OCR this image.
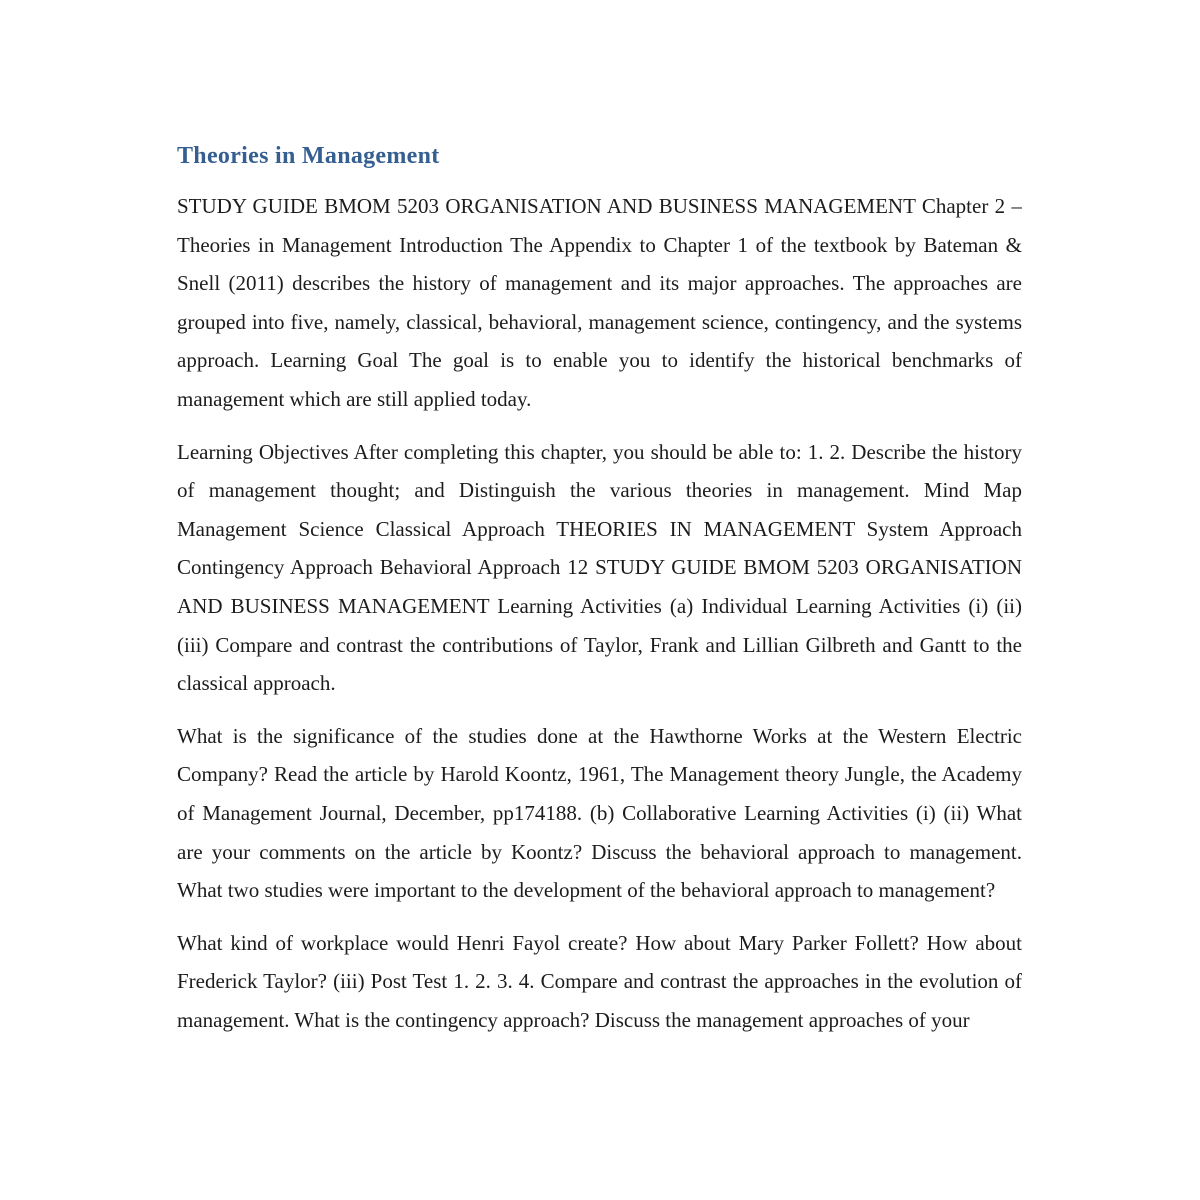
Theories in Management

STUDY GUIDE BMOM 5203 ORGANISATION AND BUSINESS MANAGEMENT Chapter 2 – Theories in Management Introduction The Appendix to Chapter 1 of the textbook by Bateman & Snell (2011) describes the history of management and its major approaches. The approaches are grouped into five, namely, classical, behavioral, management science, contingency, and the systems approach. Learning Goal The goal is to enable you to identify the historical benchmarks of management which are still applied today.

Learning Objectives After completing this chapter, you should be able to: 1. 2. Describe the history of management thought; and Distinguish the various theories in management. Mind Map Management Science Classical Approach THEORIES IN MANAGEMENT System Approach Contingency Approach Behavioral Approach 12 STUDY GUIDE BMOM 5203 ORGANISATION AND BUSINESS MANAGEMENT Learning Activities (a) Individual Learning Activities (i) (ii) (iii) Compare and contrast the contributions of Taylor, Frank and Lillian Gilbreth and Gantt to the classical approach.

What is the significance of the studies done at the Hawthorne Works at the Western Electric Company? Read the article by Harold Koontz, 1961, The Management theory Jungle, the Academy of Management Journal, December, pp174188. (b) Collaborative Learning Activities (i) (ii) What are your comments on the article by Koontz? Discuss the behavioral approach to management. What two studies were important to the development of the behavioral approach to management?

What kind of workplace would Henri Fayol create? How about Mary Parker Follett? How about Frederick Taylor? (iii) Post Test 1. 2. 3. 4. Compare and contrast the approaches in the evolution of management. What is the contingency approach? Discuss the management approaches of your
